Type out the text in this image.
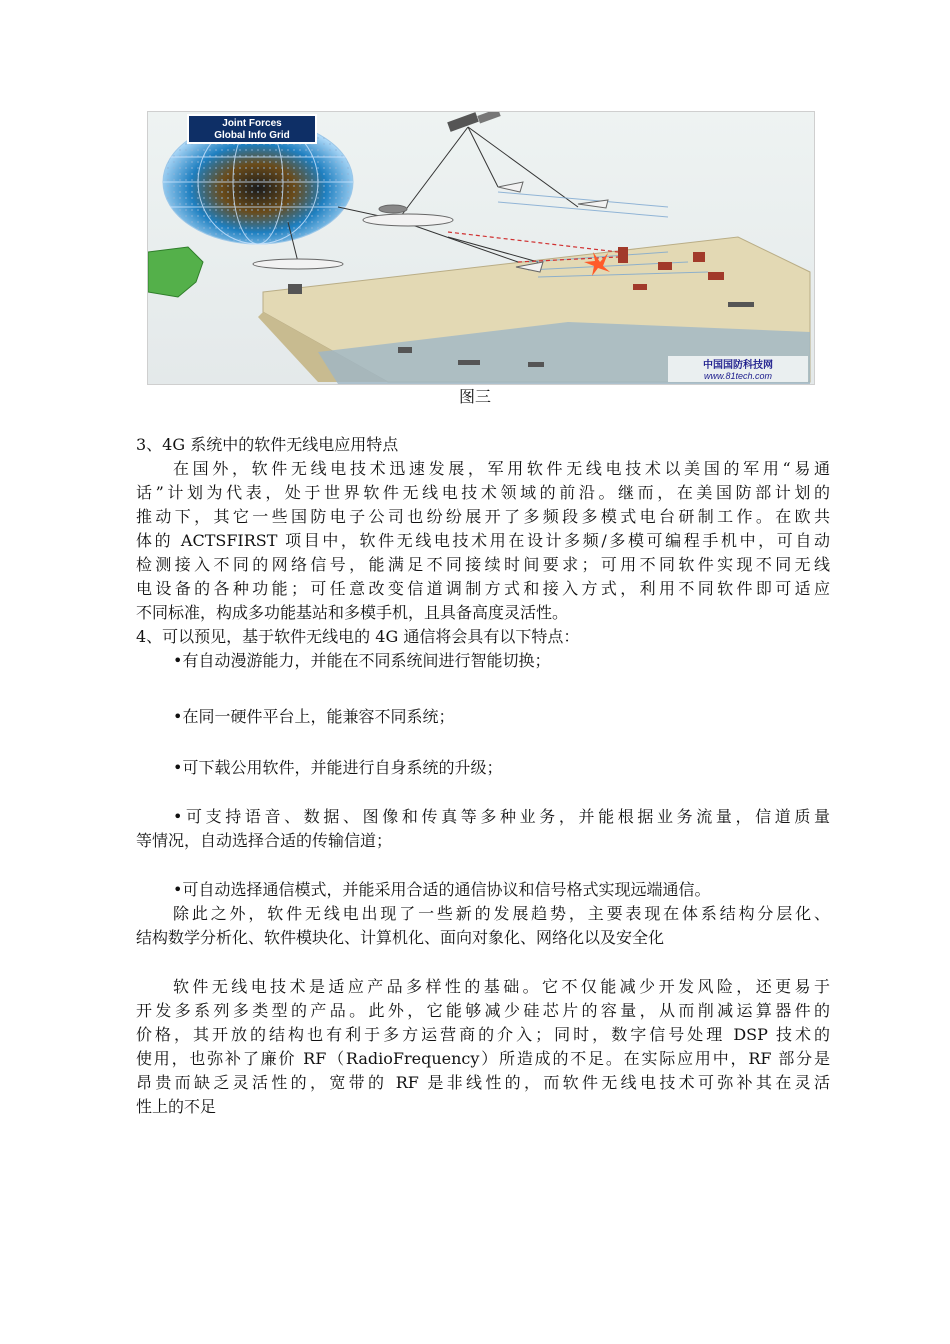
Joint Forces
Global Info Grid
中国国防科技网
www.81tech.com
图三
3、4G 系统中的软件无线电应用特点
在国外，软件无线电技术迅速发展，军用软件无线电技术以美国的军用“易通
话”计划为代表，处于世界软件无线电技术领域的前沿。继而，在美国防部计划的
推动下，其它一些国防电子公司也纷纷展开了多频段多模式电台研制工作。在欧共
体的 ACTSFIRST 项目中，软件无线电技术用在设计多频/多模可编程手机中，可自动
检测接入不同的网络信号，能满足不同接续时间要求；可用不同软件实现不同无线
电设备的各种功能；可任意改变信道调制方式和接入方式，利用不同软件即可适应
不同标准，构成多功能基站和多模手机，且具备高度灵活性。
4、可以预见，基于软件无线电的 4G 通信将会具有以下特点：
•有自动漫游能力，并能在不同系统间进行智能切换；
•在同一硬件平台上，能兼容不同系统；
•可下载公用软件，并能进行自身系统的升级；
•可支持语音、数据、图像和传真等多种业务，并能根据业务流量，信道质量
等情况，自动选择合适的传输信道；
•可自动选择通信模式，并能采用合适的通信协议和信号格式实现远端通信。
除此之外，软件无线电出现了一些新的发展趋势，主要表现在体系结构分层化、
结构数学分析化、软件模块化、计算机化、面向对象化、网络化以及安全化
软件无线电技术是适应产品多样性的基础。它不仅能减少开发风险，还更易于
开发多系列多类型的产品。此外，它能够减少硅芯片的容量，从而削减运算器件的
价格，其开放的结构也有利于多方运营商的介入；同时，数字信号处理 DSP 技术的
使用，也弥补了廉价 RF（RadioFrequency）所造成的不足。在实际应用中，RF 部分是
昂贵而缺乏灵活性的，宽带的 RF 是非线性的，而软件无线电技术可弥补其在灵活
性上的不足
